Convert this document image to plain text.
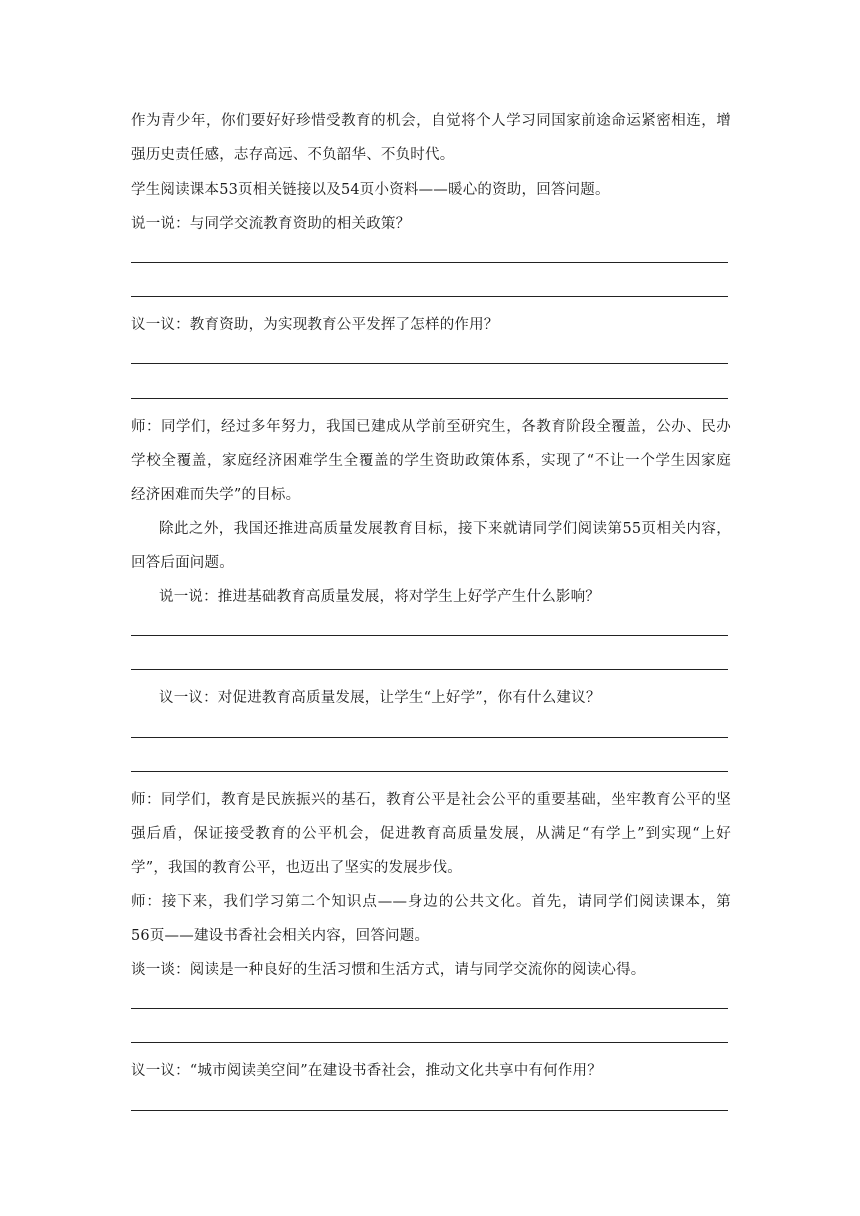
作为青少年，你们要好好珍惜受教育的机会，自觉将个人学习同国家前途命运紧密相连，增
强历史责任感，志存高远、不负韶华、不负时代。
学生阅读课本53页相关链接以及54页小资料——暖心的资助，回答问题。
说一说：与同学交流教育资助的相关政策？
议一议：教育资助，为实现教育公平发挥了怎样的作用？
师：同学们，经过多年努力，我国已建成从学前至研究生，各教育阶段全覆盖，公办、民办
学校全覆盖，家庭经济困难学生全覆盖的学生资助政策体系，实现了“不让一个学生因家庭
经济困难而失学”的目标。
除此之外，我国还推进高质量发展教育目标，接下来就请同学们阅读第55页相关内容，
回答后面问题。
说一说：推进基础教育高质量发展，将对学生上好学产生什么影响？
议一议：对促进教育高质量发展，让学生“上好学”，你有什么建议？
师：同学们，教育是民族振兴的基石，教育公平是社会公平的重要基础，坐牢教育公平的坚
强后盾，保证接受教育的公平机会，促进教育高质量发展，从满足“有学上”到实现“上好
学”，我国的教育公平，也迈出了坚实的发展步伐。
师：接下来，我们学习第二个知识点——身边的公共文化。首先，请同学们阅读课本，第
56页——建设书香社会相关内容，回答问题。
谈一谈：阅读是一种良好的生活习惯和生活方式，请与同学交流你的阅读心得。
议一议：“城市阅读美空间”在建设书香社会，推动文化共享中有何作用？
